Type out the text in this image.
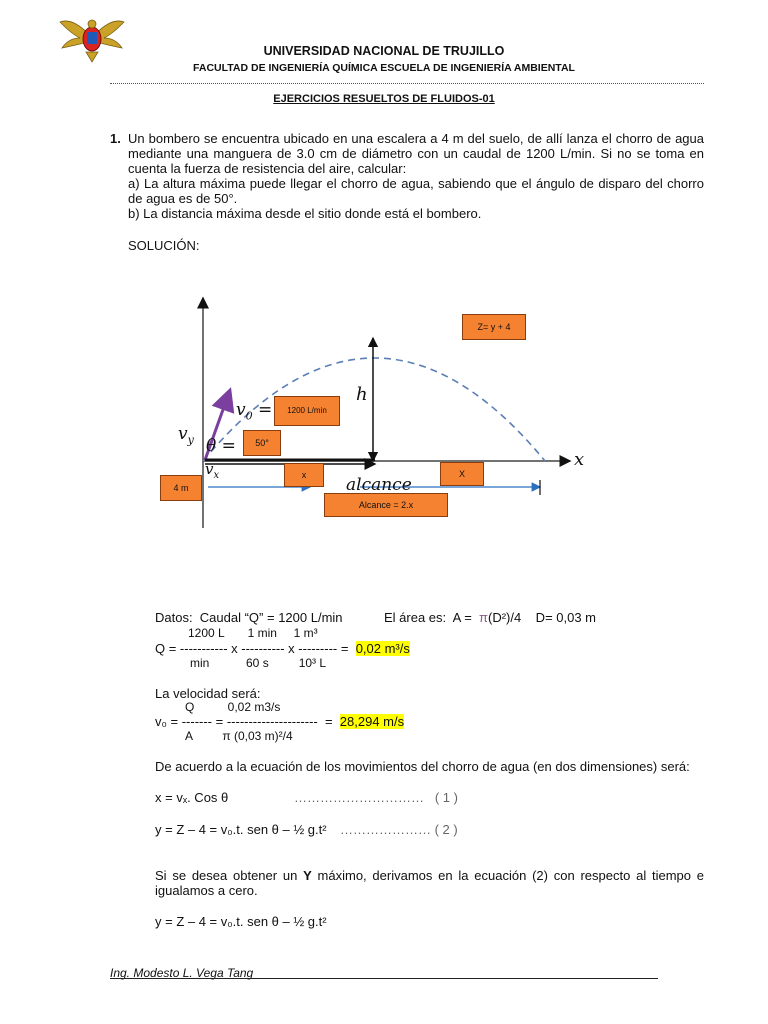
UNIVERSIDAD NACIONAL DE TRUJILLO
FACULTAD DE INGENIERÍA QUÍMICA ESCUELA DE INGENIERÍA AMBIENTAL
EJERCICIOS RESUELTOS DE FLUIDOS-01
1. Un bombero se encuentra ubicado en una escalera a 4 m del suelo, de allí lanza el chorro de agua mediante una manguera de 3.0 cm de diámetro con un caudal de 1200 L/min. Si no se toma en cuenta la fuerza de resistencia del aire, calcular:

a) La altura máxima puede llegar el chorro de agua, sabiendo que el ángulo de disparo del chorro de agua es de 50°.

b) La distancia máxima desde el sitio donde está el bombero.

SOLUCIÓN:
Z= y + 4
1200 L/min
50°
4 m
x	X
Alcance = 2.x
$v_0$ =
$v_y$ θ =
$v_x$
h
x
alcance
Datos:  Caudal “Q” = 1200 L/min	El área es:  A =  π(D²)/4    D= 0,03 m
1200 L       1 min     1 m³
Q = ----------- x ---------- x --------- =  0,02 m³/s
min           60 s         10³ L
La velocidad será:
Q          0,02 m3/s
v₀ = ------- = ---------------------  =  28,294 m/s
A         π (0,03 m)²/4
De acuerdo a la ecuación de los movimientos del chorro de agua (en dos dimensiones) será:
x = vₓ. Cos θ	…………………………   ( 1 )
y = Z – 4 = v₀.t. sen θ – ½ g.t² ………………… ( 2 )
Si se desea obtener un Y máximo, derivamos en la ecuación (2) con respecto al tiempo e igualamos a cero.
y = Z – 4 = v₀.t. sen θ – ½ g.t²
Ing. Modesto L. Vega Tang
